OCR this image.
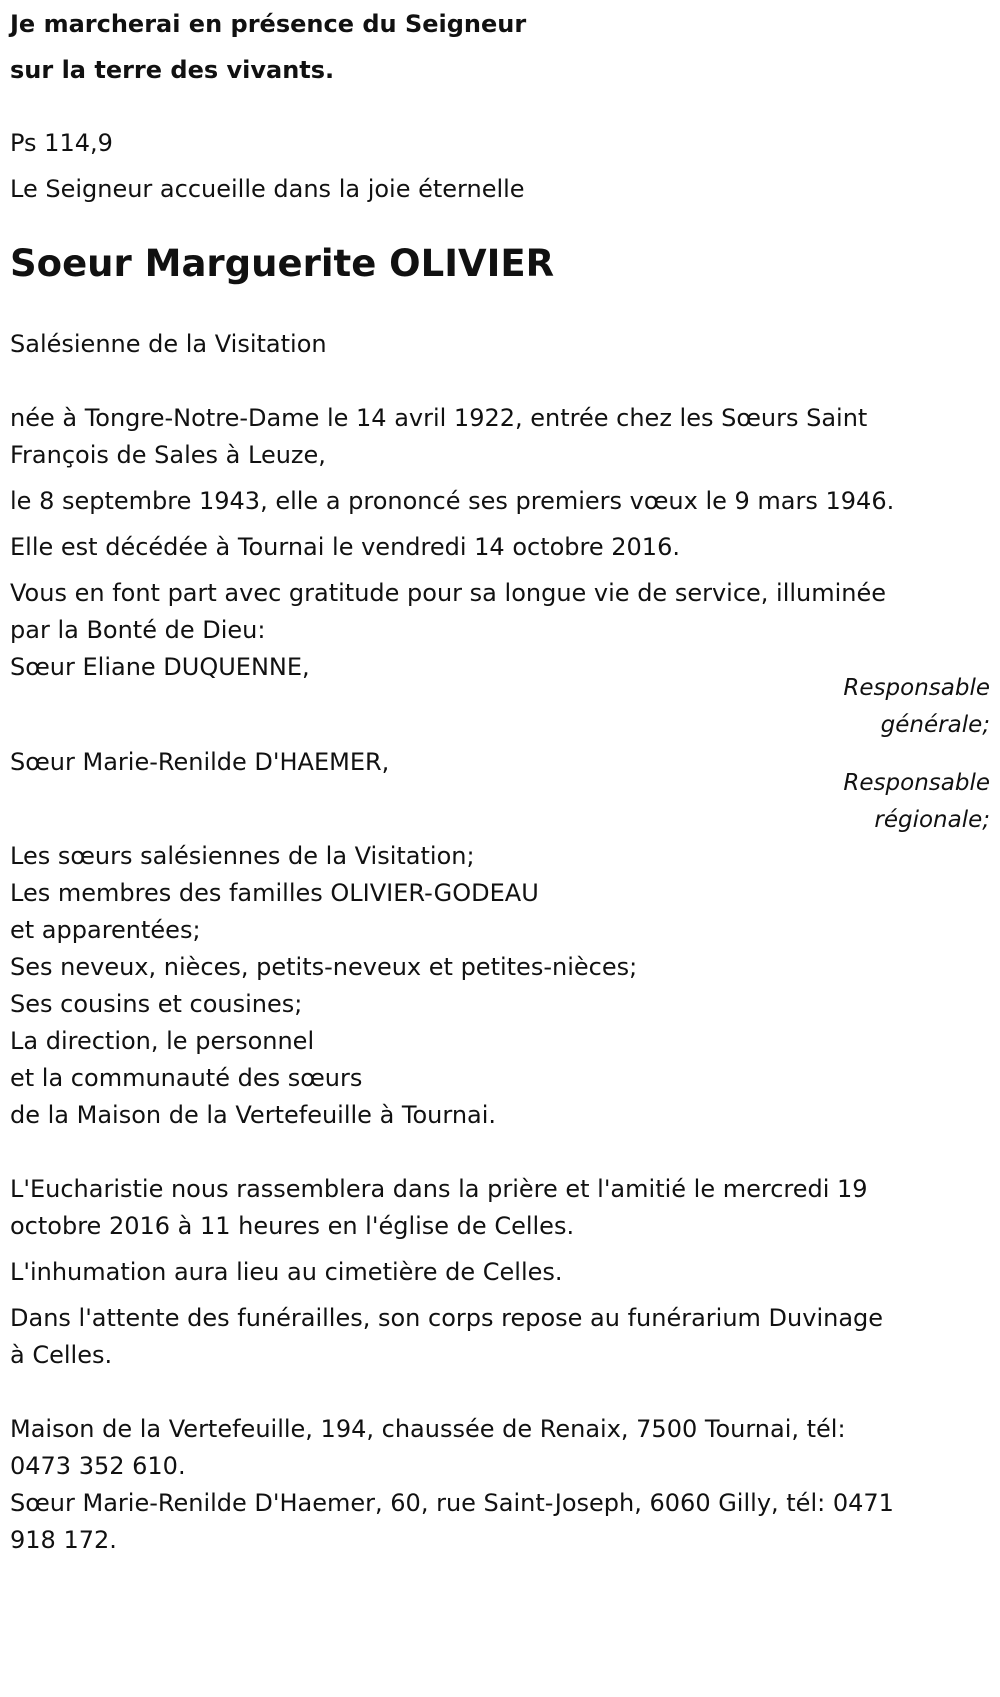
Je marcherai en présence du Seigneur
sur la terre des vivants.
Ps 114,9
Le Seigneur accueille dans la joie éternelle
Soeur Marguerite OLIVIER
Salésienne de la Visitation
née à Tongre-Notre-Dame le 14 avril 1922, entrée chez les Sœurs Saint
François de Sales à Leuze,
le 8 septembre 1943, elle a prononcé ses premiers vœux le 9 mars 1946.
Elle est décédée à Tournai le vendredi 14 octobre 2016.
Vous en font part avec gratitude pour sa longue vie de service, illuminée
par la Bonté de Dieu:
Sœur Eliane DUQUENNE,
Responsable
générale;
Sœur Marie-Renilde D'HAEMER,
Responsable
régionale;
Les sœurs salésiennes de la Visitation;
Les membres des familles OLIVIER-GODEAU
et apparentées;
Ses neveux, nièces, petits-neveux et petites-nièces;
Ses cousins et cousines;
La direction, le personnel
et la communauté des sœurs
de la Maison de la Vertefeuille à Tournai.
L'Eucharistie nous rassemblera dans la prière et l'amitié le mercredi 19
octobre 2016 à 11 heures en l'église de Celles.
L'inhumation aura lieu au cimetière de Celles.
Dans l'attente des funérailles, son corps repose au funérarium Duvinage
à Celles.
Maison de la Vertefeuille, 194, chaussée de Renaix, 7500 Tournai, tél:
0473 352 610.
Sœur Marie-Renilde D'Haemer, 60, rue Saint-Joseph, 6060 Gilly, tél: 0471
918 172.
